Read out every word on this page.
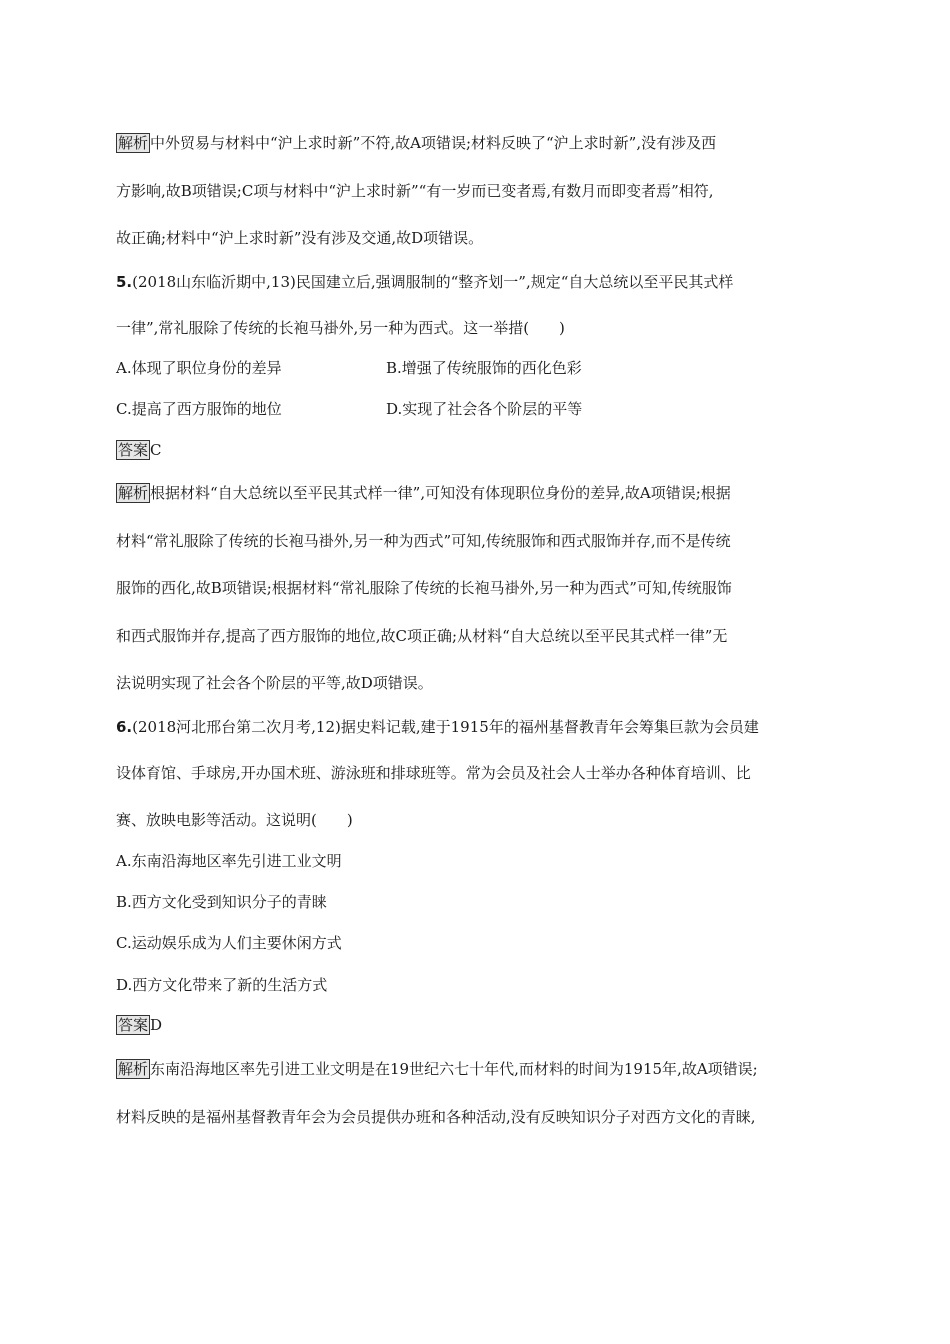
解析 中外贸易与材料中“沪上求时新”不符,故A项错误;材料反映了“沪上求时新”,没有涉及西
方影响,故B项错误;C项与材料中“沪上求时新”“有一岁而已变者焉,有数月而即变者焉”相符,
故正确;材料中“沪上求时新”没有涉及交通,故D项错误。
5.(2018山东临沂期中,13)民国建立后,强调服制的“整齐划一”,规定“自大总统以至平民其式样
一律”,常礼服除了传统的长袍马褂外,另一种为西式。这一举措(　　)
A.体现了职位身份的差异	B.增强了传统服饰的西化色彩
C.提高了西方服饰的地位	D.实现了社会各个阶层的平等
答案 C
解析 根据材料“自大总统以至平民其式样一律”,可知没有体现职位身份的差异,故A项错误;根据
材料“常礼服除了传统的长袍马褂外,另一种为西式”可知,传统服饰和西式服饰并存,而不是传统
服饰的西化,故B项错误;根据材料“常礼服除了传统的长袍马褂外,另一种为西式”可知,传统服饰
和西式服饰并存,提高了西方服饰的地位,故C项正确;从材料“自大总统以至平民其式样一律”无
法说明实现了社会各个阶层的平等,故D项错误。
6.(2018河北邢台第二次月考,12)据史料记载,建于1915年的福州基督教青年会筹集巨款为会员建
设体育馆、手球房,开办国术班、游泳班和排球班等。常为会员及社会人士举办各种体育培训、比
赛、放映电影等活动。这说明(　　)
A.东南沿海地区率先引进工业文明
B.西方文化受到知识分子的青睐
C.运动娱乐成为人们主要休闲方式
D.西方文化带来了新的生活方式
答案 D
解析 东南沿海地区率先引进工业文明是在19世纪六七十年代,而材料的时间为1915年,故A项错误;
材料反映的是福州基督教青年会为会员提供办班和各种活动,没有反映知识分子对西方文化的青睐,
